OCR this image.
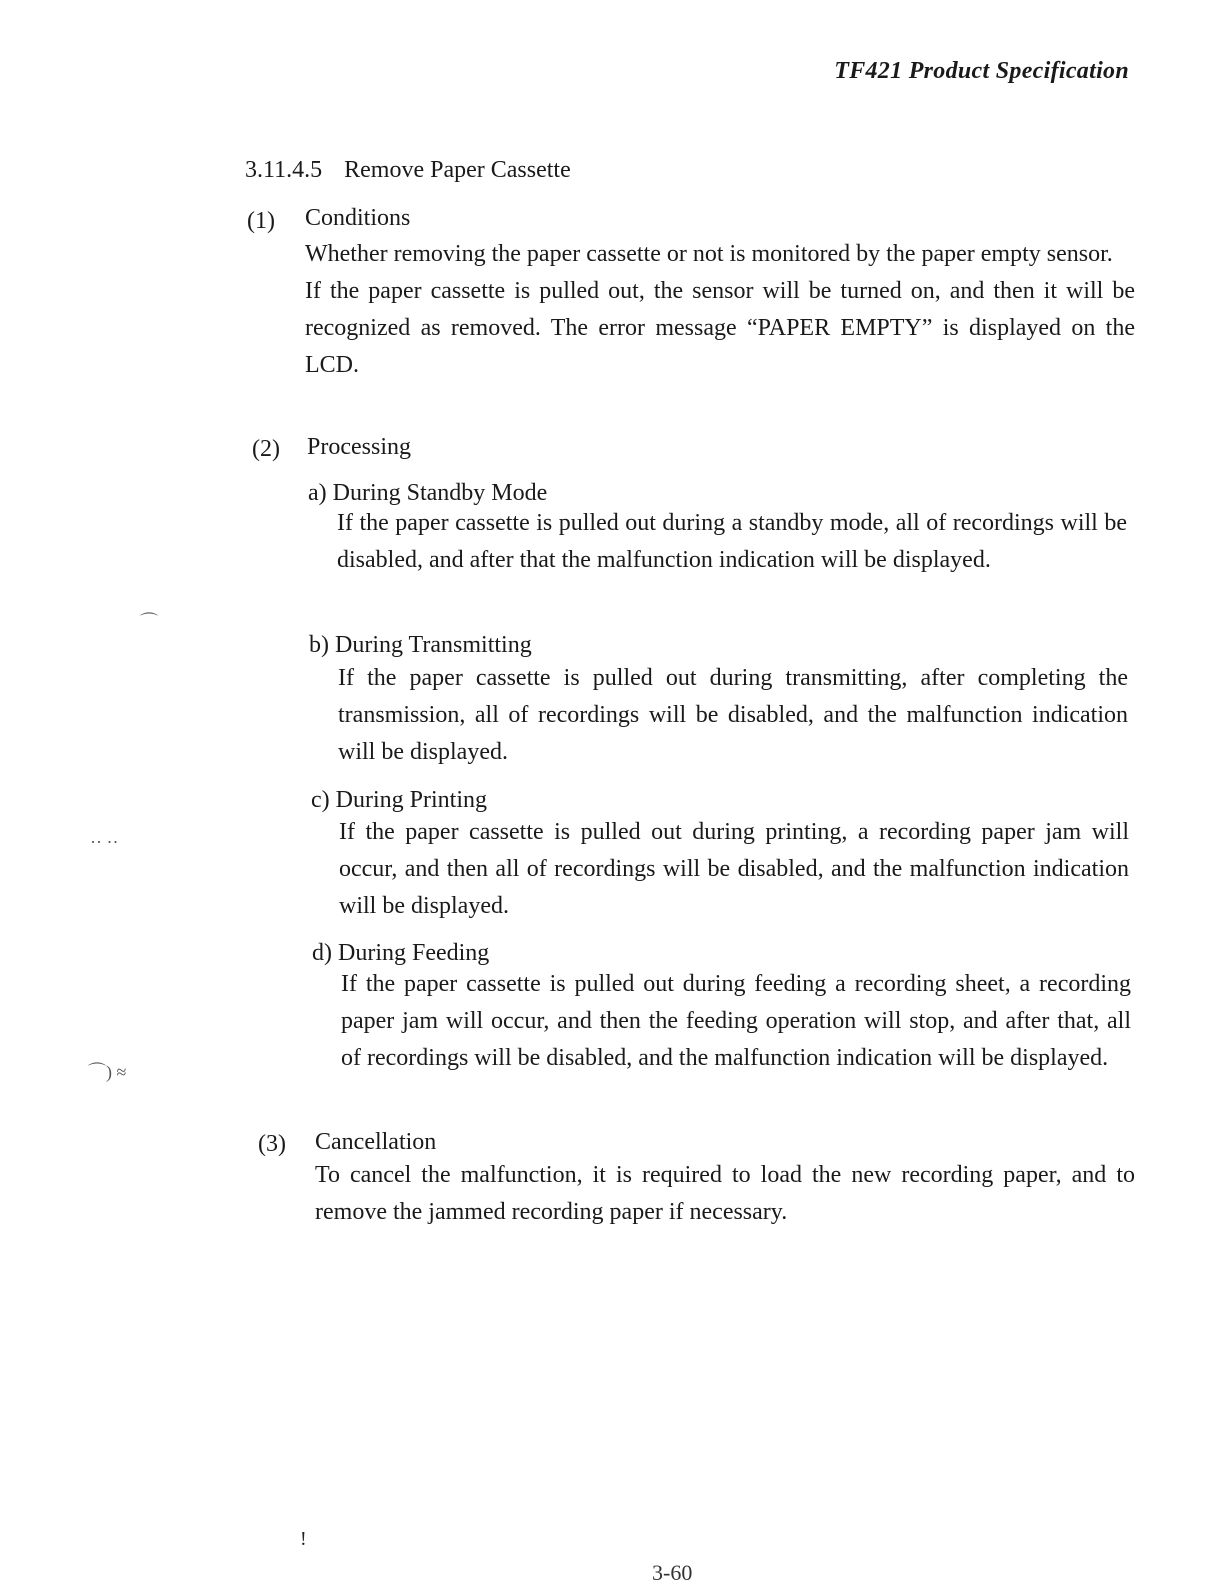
TF421 Product Specification
3.11.4.5 Remove Paper Cassette
(1) Conditions

Whether removing the paper cassette or not is monitored by the paper empty sensor.

If the paper cassette is pulled out, the sensor will be turned on, and then it will be recognized as removed. The error message “PAPER EMPTY” is displayed on the LCD.

(2) Processing
a) During Standby Mode

If the paper cassette is pulled out during a standby mode, all of recordings will be disabled, and after that the malfunction indication will be displayed.

b) During Transmitting

If the paper cassette is pulled out during transmitting, after completing the transmission, all of recordings will be disabled, and the malfunction indication will be displayed.

c) During Printing

If the paper cassette is pulled out during printing, a recording paper jam will occur, and then all of recordings will be disabled, and the malfunction indication will be displayed.

d) During Feeding

If the paper cassette is pulled out during feeding a recording sheet, a recording paper jam will occur, and then the feeding operation will stop, and after that, all of recordings will be disabled, and the malfunction indication will be displayed.

(3) Cancellation

To cancel the malfunction, it is required to load the new recording paper, and to remove the jammed recording paper if necessary.

⌒
·· ··
⌒) ≈
!
3-60
